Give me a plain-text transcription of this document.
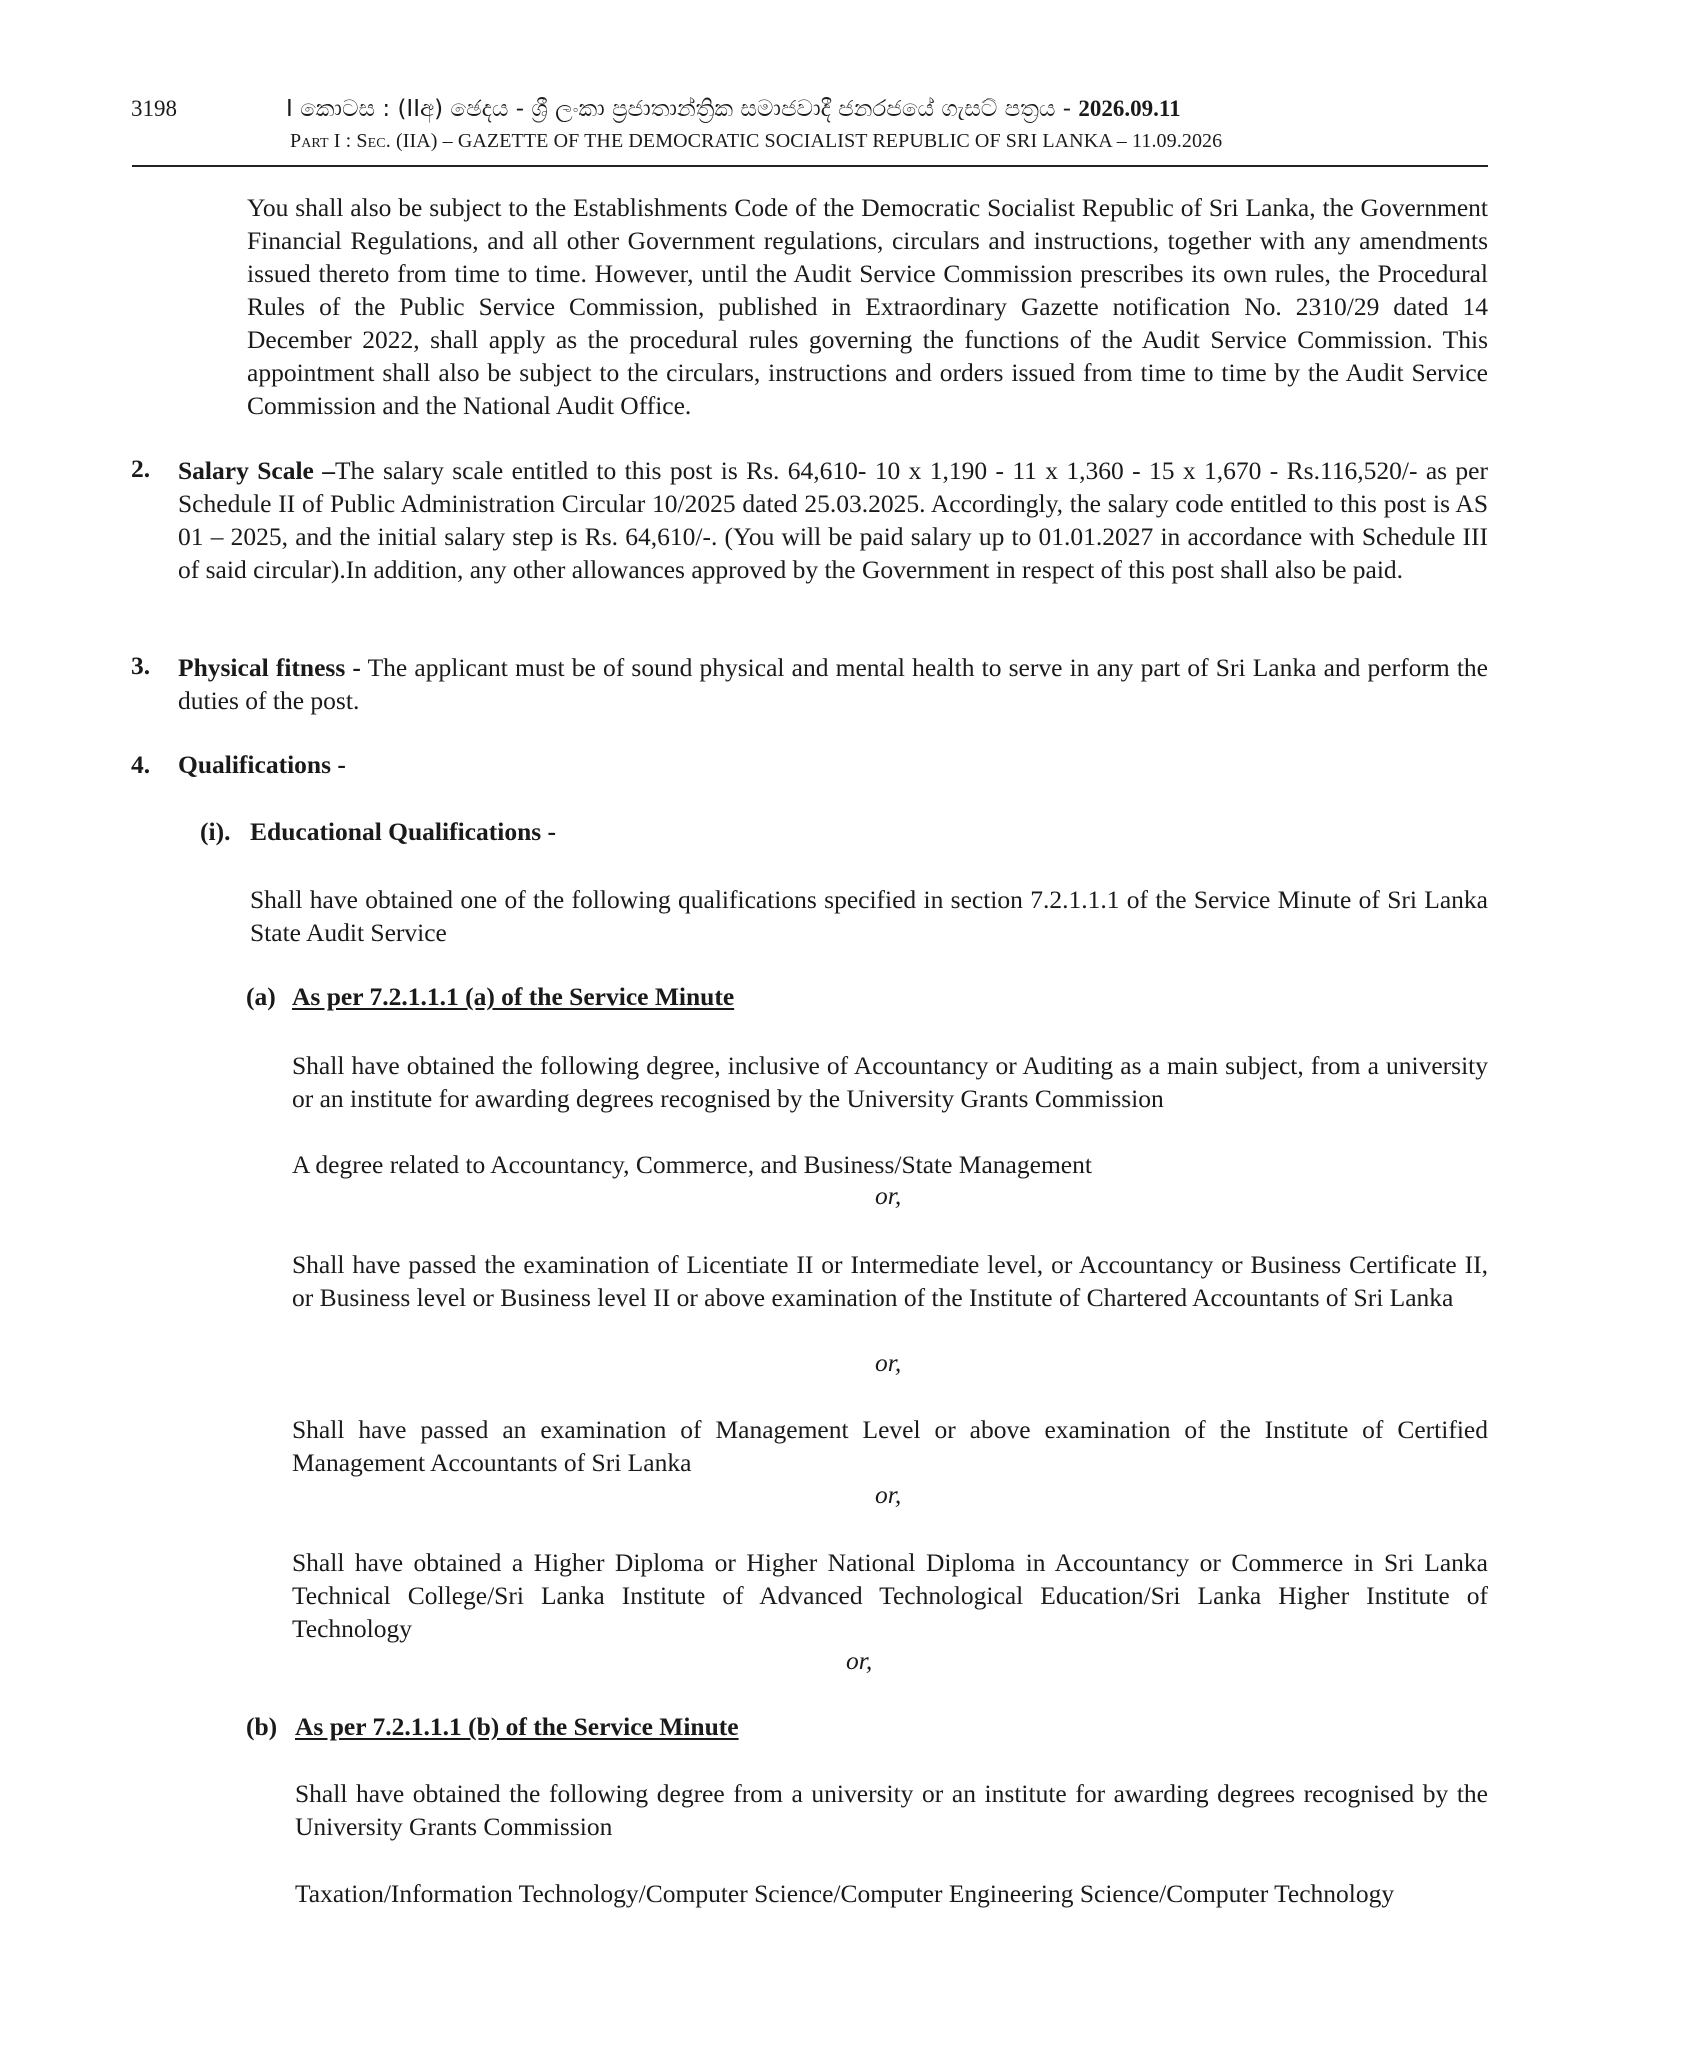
3198	I කොටස : (IIඅ) ඡෙදය - ශ්‍රී ලංකා ප්‍රජාතාන්ත්‍රික සමාජවාදී ජනරජයේ ගැසට් පත්‍රය - 2026.09.11
Part I : Sec. (IIA) – GAZETTE OF THE DEMOCRATIC SOCIALIST REPUBLIC OF SRI LANKA – 11.09.2026

You shall also be subject to the Establishments Code of the Democratic Socialist Republic of Sri Lanka, the Government Financial Regulations, and all other Government regulations, circulars and instructions, together with any amendments issued thereto from time to time. However, until the Audit Service Commission prescribes its own rules, the Procedural Rules of the Public Service Commission, published in Extraordinary Gazette notification No. 2310/29 dated 14 December 2022, shall apply as the procedural rules governing the functions of the Audit Service Commission. This appointment shall also be subject to the circulars, instructions and orders issued from time to time by the Audit Service Commission and the National Audit Office.

2. Salary Scale –The salary scale entitled to this post is Rs. 64,610- 10 x 1,190 - 11 x 1,360 - 15 x 1,670 - Rs.116,520/- as per Schedule II of Public Administration Circular 10/2025 dated 25.03.2025. Accordingly, the salary code entitled to this post is AS 01 – 2025, and the initial salary step is Rs. 64,610/-. (You will be paid salary up to 01.01.2027 in accordance with Schedule III of said circular).In addition, any other allowances approved by the Government in respect of this post shall also be paid.

3. Physical fitness - The applicant must be of sound physical and mental health to serve in any part of Sri Lanka and perform the duties of the post.

4. Qualifications -
(i). Educational Qualifications -

Shall have obtained one of the following qualifications specified in section 7.2.1.1.1 of the Service Minute of Sri Lanka State Audit Service

(a) As per 7.2.1.1.1 (a) of the Service Minute

Shall have obtained the following degree, inclusive of Accountancy or Auditing as a main subject, from a university or an institute for awarding degrees recognised by the University Grants Commission

A degree related to Accountancy, Commerce, and Business/State Management

or,

Shall have passed the examination of Licentiate II or Intermediate level, or Accountancy or Business Certificate II, or Business level or Business level II or above examination of the Institute of Chartered Accountants of Sri Lanka

or,

Shall have passed an examination of Management Level or above examination of the Institute of Certified Management Accountants of Sri Lanka

or,

Shall have obtained a Higher Diploma or Higher National Diploma in Accountancy or Commerce in Sri Lanka Technical College/Sri Lanka Institute of Advanced Technological Education/Sri Lanka Higher Institute of Technology

or,
(b) As per 7.2.1.1.1 (b) of the Service Minute

Shall have obtained the following degree from a university or an institute for awarding degrees recognised by the University Grants Commission

Taxation/Information Technology/Computer Science/Computer Engineering Science/Computer Technology
